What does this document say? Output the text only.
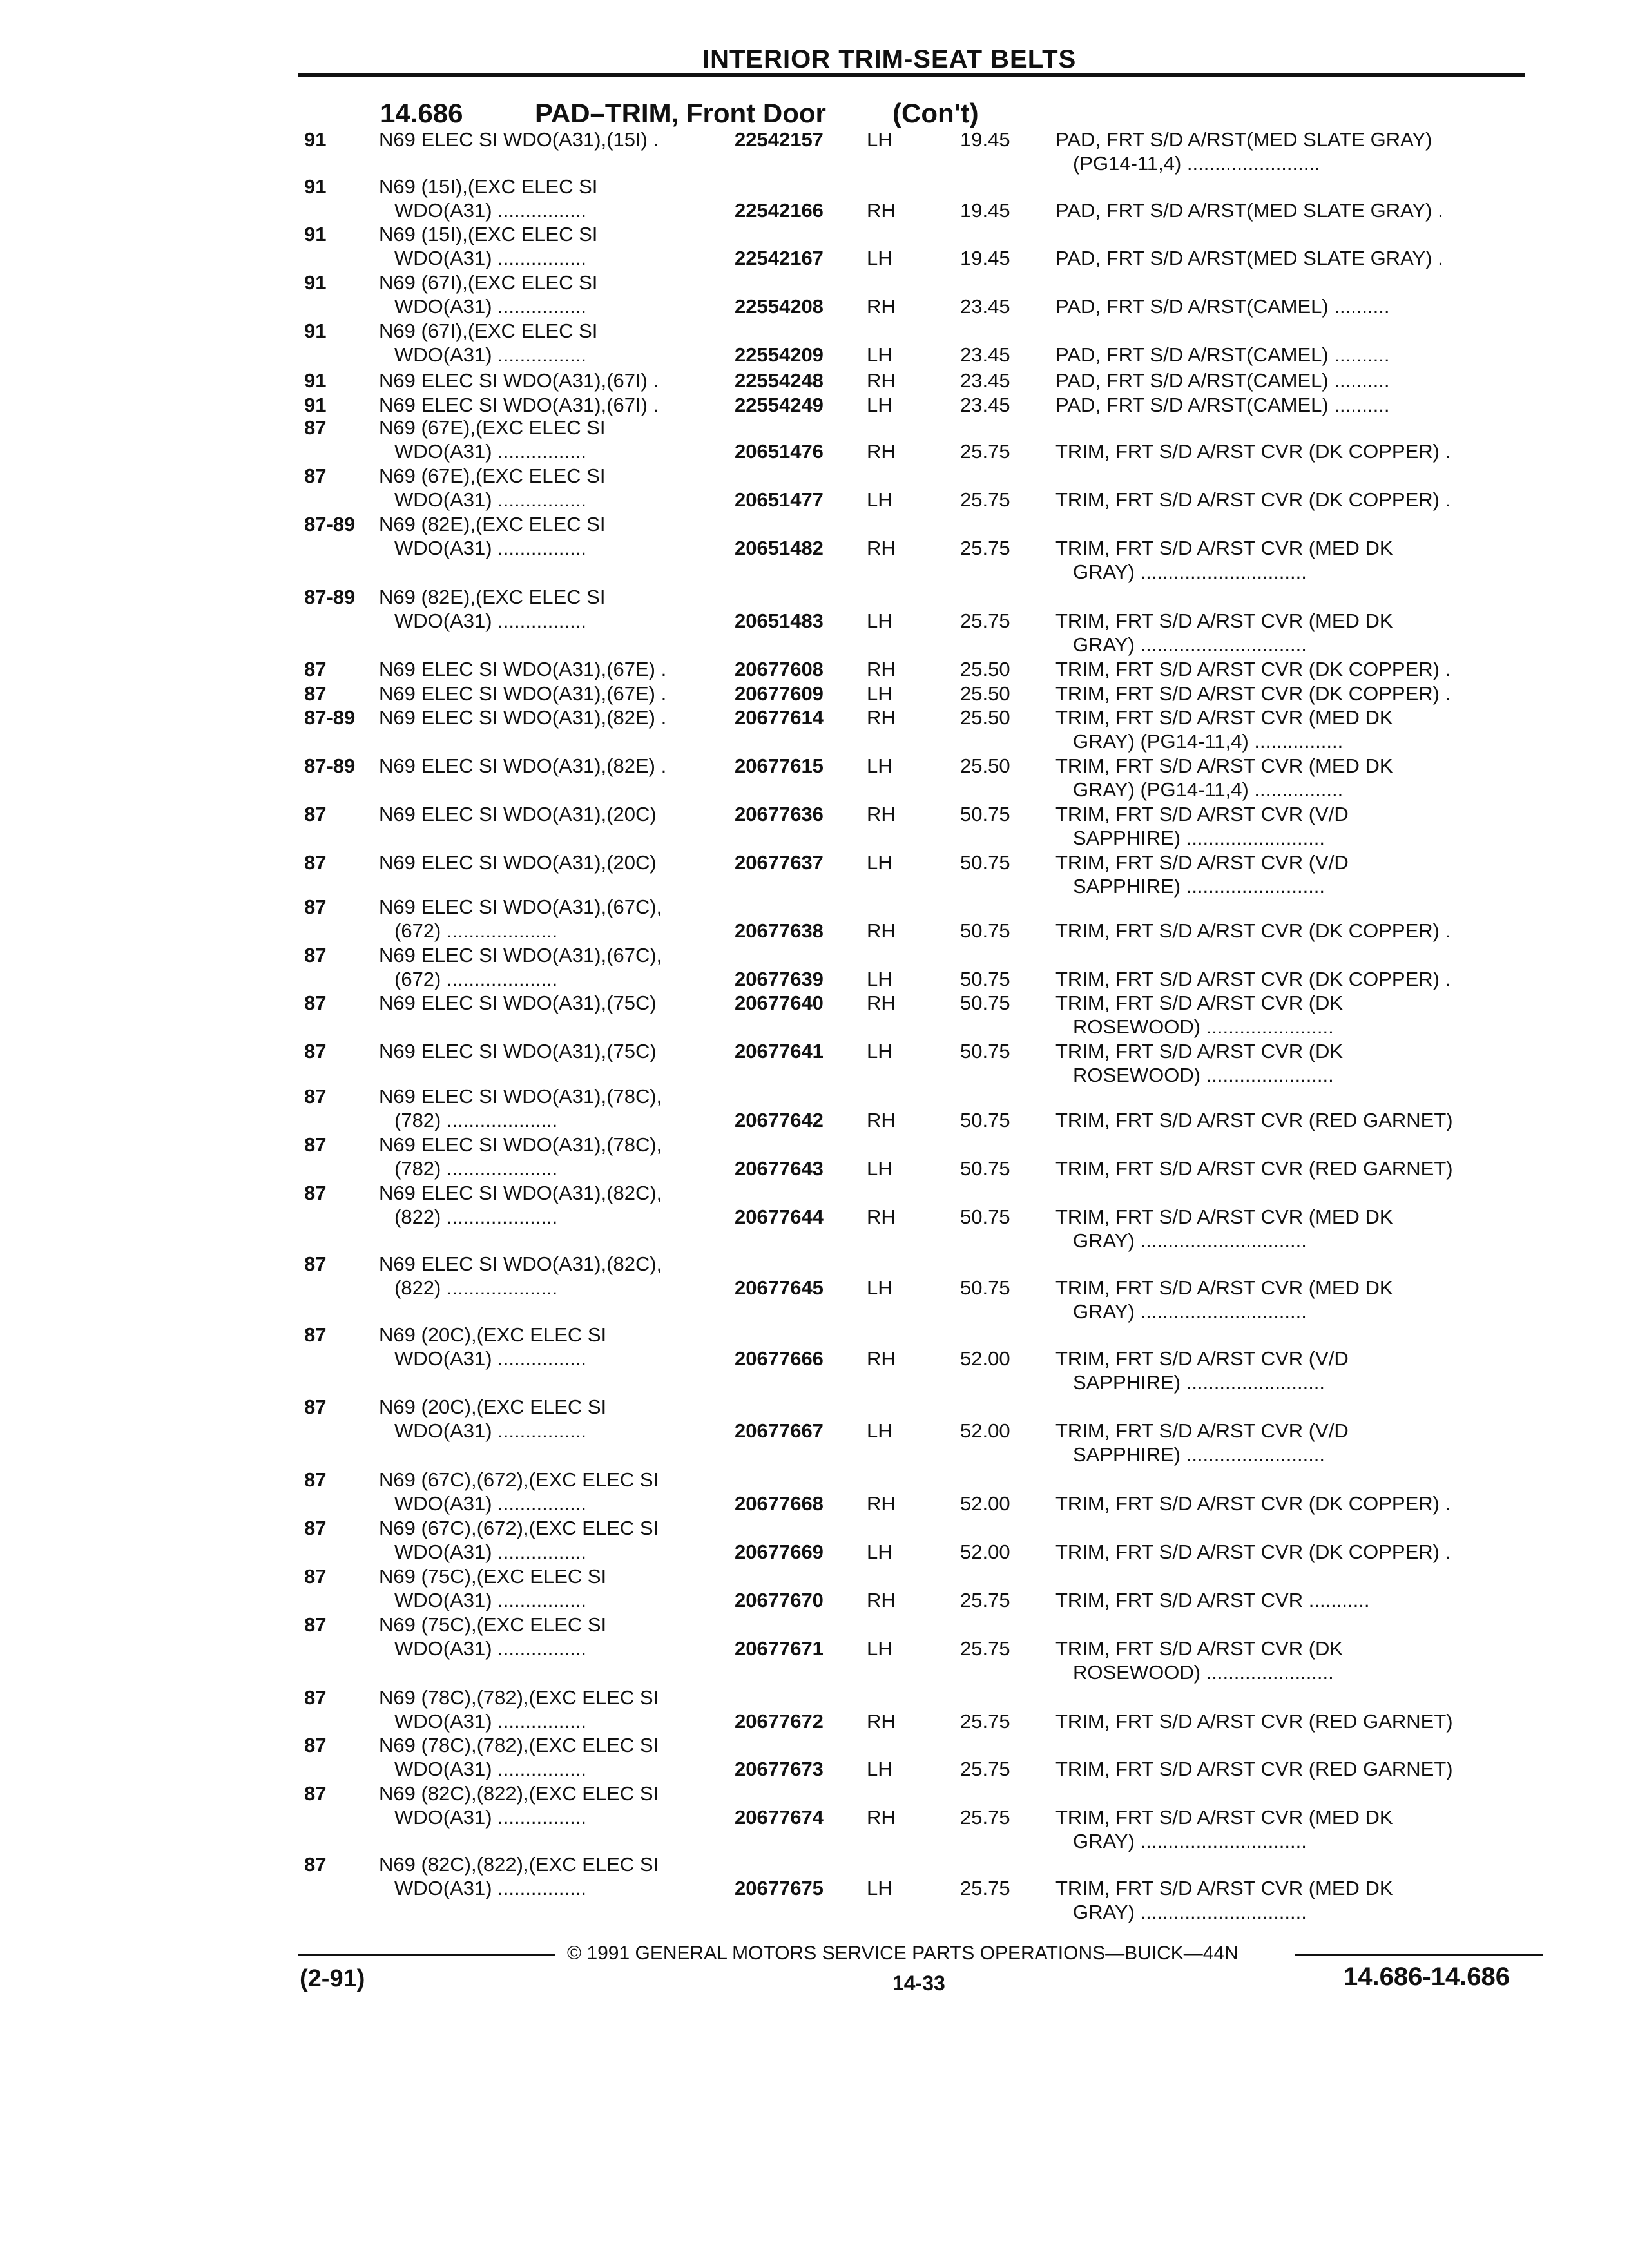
INTERIOR TRIM-SEAT BELTS
14.686	PAD–TRIM, Front Door (Con't)
91	N69 ELEC SI WDO(A31),(15I) .	22542157 LH	19.45 PAD, FRT S/D A/RST(MED SLATE GRAY)
(PG14-11,4) ........................
91	N69 (15I),(EXC ELEC SI
WDO(A31) ................	22542166 RH	19.45 PAD, FRT S/D A/RST(MED SLATE GRAY) .
91	N69 (15I),(EXC ELEC SI
WDO(A31) ................	22542167 LH	19.45 PAD, FRT S/D A/RST(MED SLATE GRAY) .
91	N69 (67I),(EXC ELEC SI
WDO(A31) ................	22554208 RH	23.45 PAD, FRT S/D A/RST(CAMEL) ..........
91	N69 (67I),(EXC ELEC SI
WDO(A31) ................	22554209 LH	23.45 PAD, FRT S/D A/RST(CAMEL) ..........
91	N69 ELEC SI WDO(A31),(67I) .	22554248 RH	23.45 PAD, FRT S/D A/RST(CAMEL) ..........
91	N69 ELEC SI WDO(A31),(67I) .	22554249 LH	23.45 PAD, FRT S/D A/RST(CAMEL) ..........
87	N69 (67E),(EXC ELEC SI
WDO(A31) ................	20651476 RH	25.75 TRIM, FRT S/D A/RST CVR (DK COPPER) .
87	N69 (67E),(EXC ELEC SI
WDO(A31) ................	20651477 LH	25.75 TRIM, FRT S/D A/RST CVR (DK COPPER) .
87-89 N69 (82E),(EXC ELEC SI
WDO(A31) ................	20651482 RH	25.75 TRIM, FRT S/D A/RST CVR (MED DK
GRAY) ..............................
87-89 N69 (82E),(EXC ELEC SI
WDO(A31) ................	20651483 LH	25.75 TRIM, FRT S/D A/RST CVR (MED DK
GRAY) ..............................
87	N69 ELEC SI WDO(A31),(67E) .	20677608 RH	25.50 TRIM, FRT S/D A/RST CVR (DK COPPER) .
87	N69 ELEC SI WDO(A31),(67E) .	20677609 LH	25.50 TRIM, FRT S/D A/RST CVR (DK COPPER) .
87-89 N69 ELEC SI WDO(A31),(82E) .	20677614 RH	25.50 TRIM, FRT S/D A/RST CVR (MED DK
GRAY) (PG14-11,4) ................
87-89 N69 ELEC SI WDO(A31),(82E) .	20677615 LH	25.50 TRIM, FRT S/D A/RST CVR (MED DK
GRAY) (PG14-11,4) ................
87	N69 ELEC SI WDO(A31),(20C)	20677636 RH	50.75 TRIM, FRT S/D A/RST CVR (V/D
SAPPHIRE) .........................
87	N69 ELEC SI WDO(A31),(20C)	20677637 LH	50.75 TRIM, FRT S/D A/RST CVR (V/D
SAPPHIRE) .........................
87	N69 ELEC SI WDO(A31),(67C),
(672) ....................	20677638 RH	50.75 TRIM, FRT S/D A/RST CVR (DK COPPER) .
87	N69 ELEC SI WDO(A31),(67C),
(672) ....................	20677639 LH	50.75 TRIM, FRT S/D A/RST CVR (DK COPPER) .
87	N69 ELEC SI WDO(A31),(75C)	20677640 RH	50.75 TRIM, FRT S/D A/RST CVR (DK
ROSEWOOD) .......................
87	N69 ELEC SI WDO(A31),(75C)	20677641 LH	50.75 TRIM, FRT S/D A/RST CVR (DK
ROSEWOOD) .......................
87	N69 ELEC SI WDO(A31),(78C),
(782) ....................	20677642 RH	50.75 TRIM, FRT S/D A/RST CVR (RED GARNET)
87	N69 ELEC SI WDO(A31),(78C),
(782) ....................	20677643 LH	50.75 TRIM, FRT S/D A/RST CVR (RED GARNET)
87	N69 ELEC SI WDO(A31),(82C),
(822) ....................	20677644 RH	50.75 TRIM, FRT S/D A/RST CVR (MED DK
GRAY) ..............................
87	N69 ELEC SI WDO(A31),(82C),
(822) ....................	20677645 LH	50.75 TRIM, FRT S/D A/RST CVR (MED DK
GRAY) ..............................
87	N69 (20C),(EXC ELEC SI
WDO(A31) ................	20677666 RH	52.00 TRIM, FRT S/D A/RST CVR (V/D
SAPPHIRE) .........................
87	N69 (20C),(EXC ELEC SI
WDO(A31) ................	20677667 LH	52.00 TRIM, FRT S/D A/RST CVR (V/D
SAPPHIRE) .........................
87	N69 (67C),(672),(EXC ELEC SI
WDO(A31) ................	20677668 RH	52.00 TRIM, FRT S/D A/RST CVR (DK COPPER) .
87	N69 (67C),(672),(EXC ELEC SI
WDO(A31) ................	20677669 LH	52.00 TRIM, FRT S/D A/RST CVR (DK COPPER) .
87	N69 (75C),(EXC ELEC SI
WDO(A31) ................	20677670 RH	25.75 TRIM, FRT S/D A/RST CVR ...........
87	N69 (75C),(EXC ELEC SI
WDO(A31) ................	20677671 LH	25.75 TRIM, FRT S/D A/RST CVR (DK
ROSEWOOD) .......................
87	N69 (78C),(782),(EXC ELEC SI
WDO(A31) ................	20677672 RH	25.75 TRIM, FRT S/D A/RST CVR (RED GARNET)
87	N69 (78C),(782),(EXC ELEC SI
WDO(A31) ................	20677673 LH	25.75 TRIM, FRT S/D A/RST CVR (RED GARNET)
87	N69 (82C),(822),(EXC ELEC SI
WDO(A31) ................	20677674 RH	25.75 TRIM, FRT S/D A/RST CVR (MED DK
GRAY) ..............................
87	N69 (82C),(822),(EXC ELEC SI
WDO(A31) ................	20677675 LH	25.75 TRIM, FRT S/D A/RST CVR (MED DK
GRAY) ..............................
© 1991 GENERAL MOTORS SERVICE PARTS OPERATIONS—BUICK—44N
(2-91)	14-33	14.686-14.686
